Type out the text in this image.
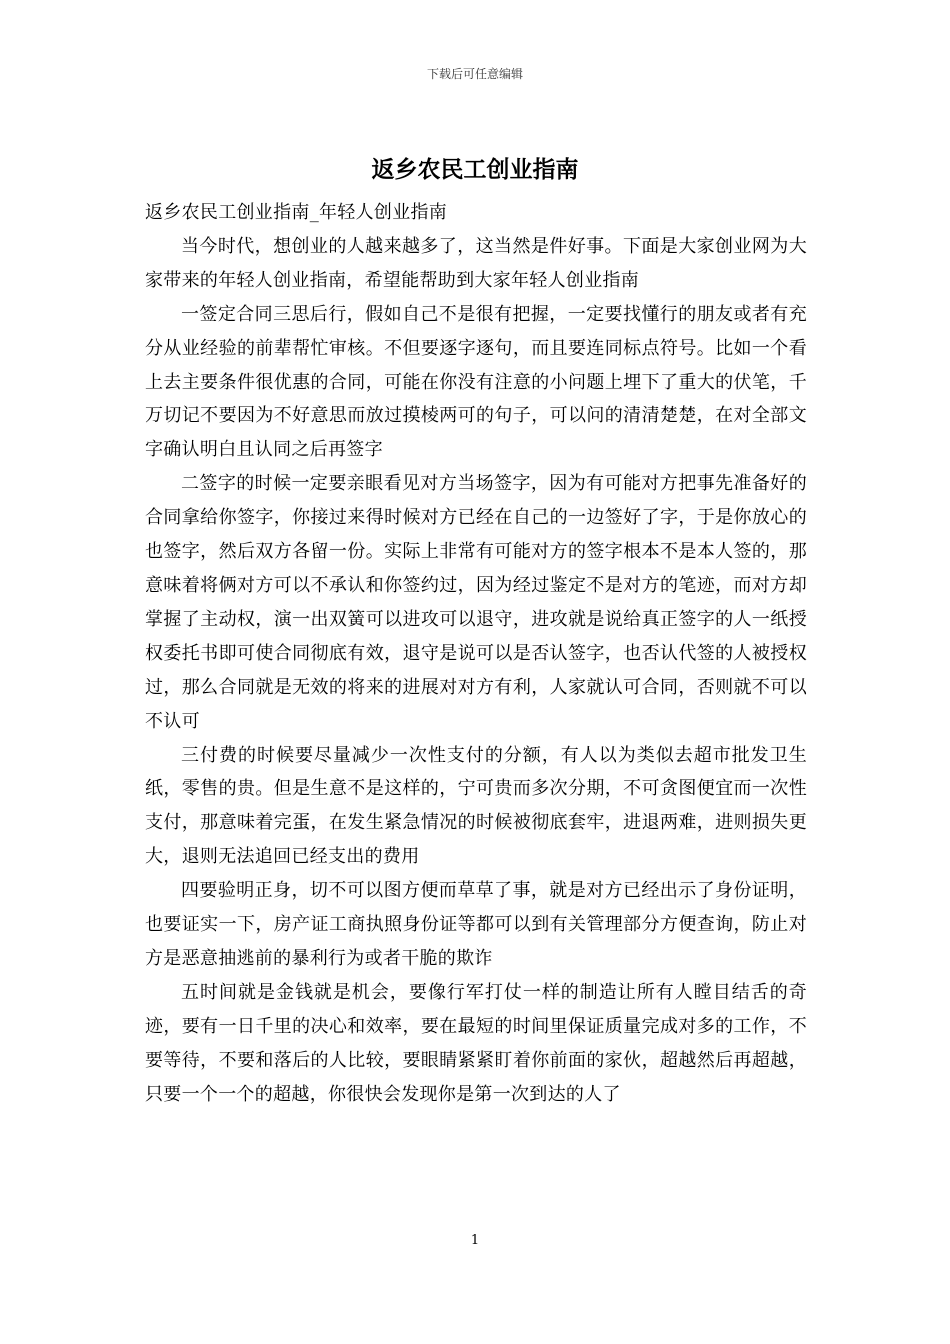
下载后可任意编辑
返乡农民工创业指南

返乡农民工创业指南_年轻人创业指南

当今时代，想创业的人越来越多了，这当然是件好事。下面是大家创业网为大家带来的年轻人创业指南，希望能帮助到大家年轻人创业指南

一签定合同三思后行，假如自己不是很有把握，一定要找懂行的朋友或者有充分从业经验的前辈帮忙审核。不但要逐字逐句，而且要连同标点符号。比如一个看上去主要条件很优惠的合同，可能在你没有注意的小问题上埋下了重大的伏笔，千万切记不要因为不好意思而放过摸棱两可的句子，可以问的清清楚楚，在对全部文字确认明白且认同之后再签字

二签字的时候一定要亲眼看见对方当场签字，因为有可能对方把事先准备好的合同拿给你签字，你接过来得时候对方已经在自己的一边签好了字，于是你放心的也签字，然后双方各留一份。实际上非常有可能对方的签字根本不是本人签的，那意味着将俩对方可以不承认和你签约过，因为经过鉴定不是对方的笔迹，而对方却掌握了主动权，演一出双簧可以进攻可以退守，进攻就是说给真正签字的人一纸授权委托书即可使合同彻底有效，退守是说可以是否认签字，也否认代签的人被授权过，那么合同就是无效的将来的进展对对方有利，人家就认可合同，否则就不可以不认可

三付费的时候要尽量减少一次性支付的分额，有人以为类似去超市批发卫生纸，零售的贵。但是生意不是这样的，宁可贵而多次分期，不可贪图便宜而一次性支付，那意味着完蛋，在发生紧急情况的时候被彻底套牢，进退两难，进则损失更大，退则无法追回已经支出的费用

四要验明正身，切不可以图方便而草草了事，就是对方已经出示了身份证明，也要证实一下，房产证工商执照身份证等都可以到有关管理部分方便查询，防止对方是恶意抽逃前的暴利行为或者干脆的欺诈

五时间就是金钱就是机会，要像行军打仗一样的制造让所有人瞠目结舌的奇迹，要有一日千里的决心和效率，要在最短的时间里保证质量完成对多的工作，不要等待，不要和落后的人比较，要眼睛紧紧盯着你前面的家伙，超越然后再超越，只要一个一个的超越，你很快会发现你是第一次到达的人了

1
